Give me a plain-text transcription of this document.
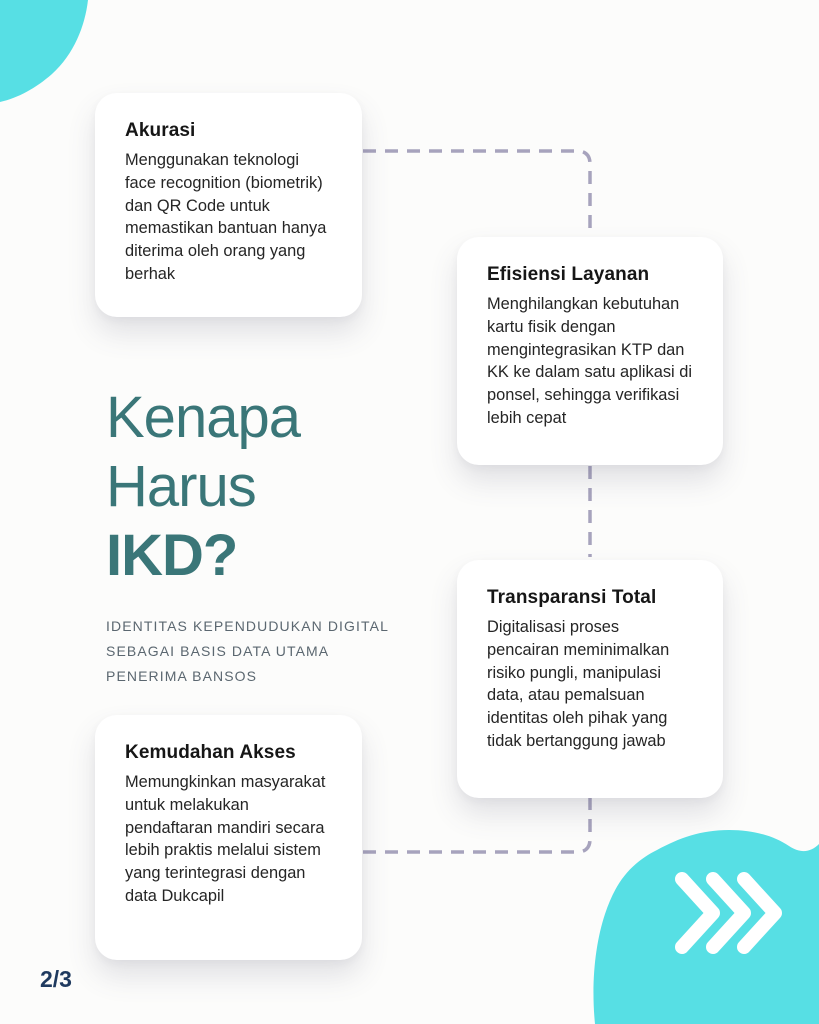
Akurasi

Menggunakan teknologi face recognition (biometrik) dan QR Code untuk memastikan bantuan hanya diterima oleh orang yang berhak	Efisiensi Layanan

Menghilangkan kebutuhan kartu fisik dengan mengintegrasikan KTP dan KK ke dalam satu aplikasi di ponsel, sehingga verifikasi lebih cepat

Transparansi Total

Digitalisasi proses pencairan meminimalkan risiko pungli, manipulasi data, atau pemalsuan identitas oleh pihak yang tidak bertanggung jawab

Kemudahan Akses

Memungkinkan masyarakat untuk melakukan pendaftaran mandiri secara lebih praktis melalui sistem yang terintegrasi dengan data Dukcapil

Kenapa
Harus
IKD?

IDENTITAS KEPENDUDUKAN DIGITAL
SEBAGAI BASIS DATA UTAMA
PENERIMA BANSOS

2/3
